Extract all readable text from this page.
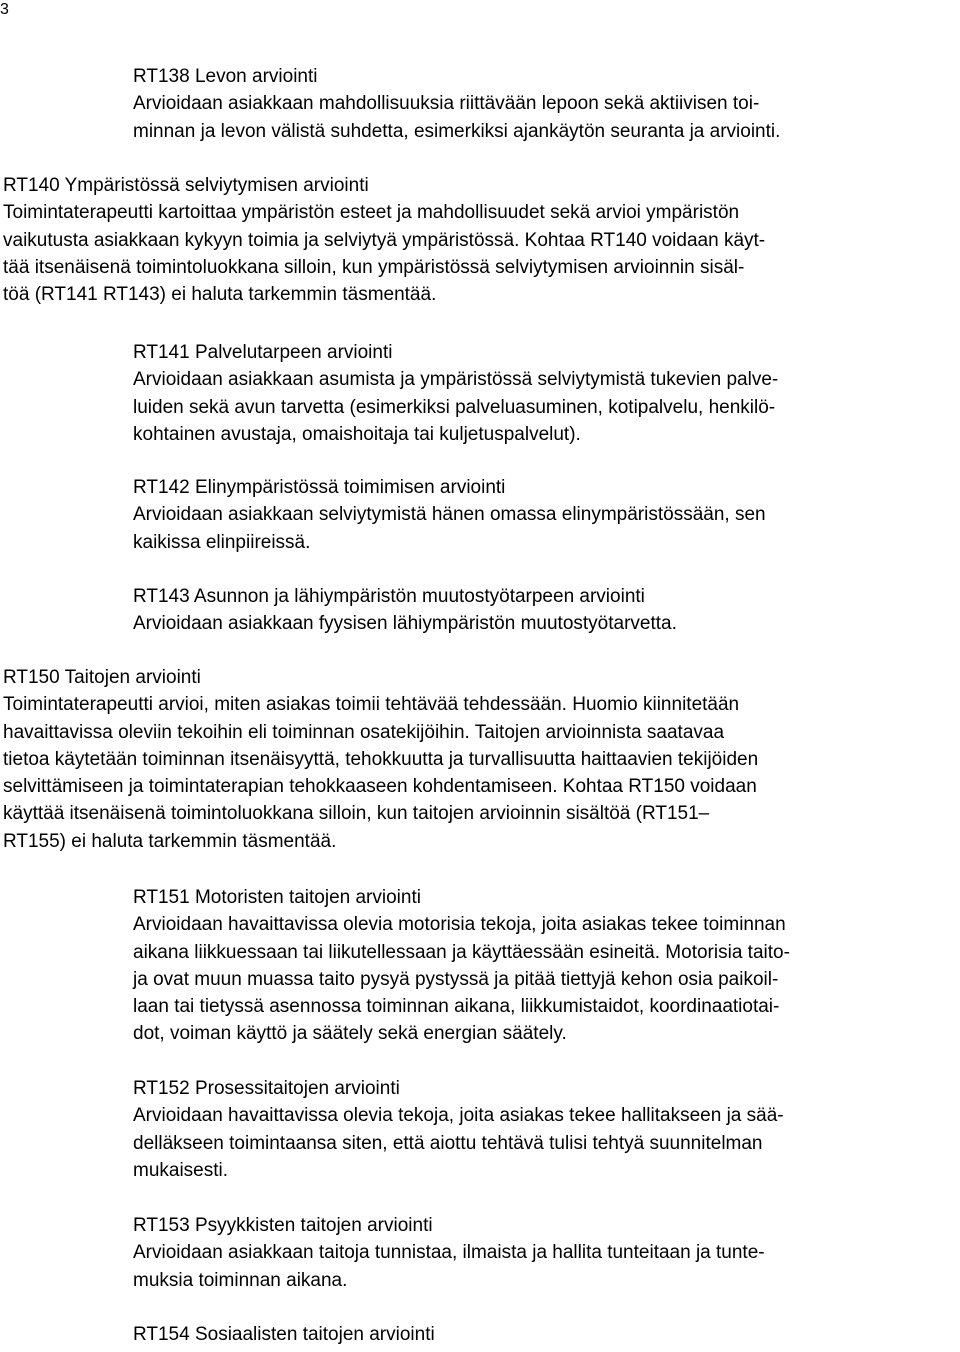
3
RT138 Levon arviointi
Arvioidaan asiakkaan mahdollisuuksia riittävään lepoon sekä aktiivisen toi-
minnan ja levon välistä suhdetta, esimerkiksi ajankäytön seuranta ja arviointi.
RT140 Ympäristössä selviytymisen arviointi
Toimintaterapeutti kartoittaa ympäristön esteet ja mahdollisuudet sekä arvioi ympäristön
vaikutusta asiakkaan kykyyn toimia ja selviytyä ympäristössä. Kohtaa RT140 voidaan käyt-
tää itsenäisenä toimintoluokkana silloin, kun ympäristössä selviytymisen arvioinnin sisäl-
töä (RT141 RT143) ei haluta tarkemmin täsmentää.
RT141 Palvelutarpeen arviointi
Arvioidaan asiakkaan asumista ja ympäristössä selviytymistä tukevien palve-
luiden sekä avun tarvetta (esimerkiksi palveluasuminen, kotipalvelu, henkilö-
kohtainen avustaja, omaishoitaja tai kuljetuspalvelut).
RT142 Elinympäristössä toimimisen arviointi
Arvioidaan asiakkaan selviytymistä hänen omassa elinympäristössään, sen
kaikissa elinpiireissä.
RT143 Asunnon ja lähiympäristön muutostyötarpeen arviointi
Arvioidaan asiakkaan fyysisen lähiympäristön muutostyötarvetta.
RT150 Taitojen arviointi
Toimintaterapeutti arvioi, miten asiakas toimii tehtävää tehdessään. Huomio kiinnitetään
havaittavissa oleviin tekoihin eli toiminnan osatekijöihin. Taitojen arvioinnista saatavaa
tietoa käytetään toiminnan itsenäisyyttä, tehokkuutta ja turvallisuutta haittaavien tekijöiden
selvittämiseen ja toimintaterapian tehokkaaseen kohdentamiseen. Kohtaa RT150 voidaan
käyttää itsenäisenä toimintoluokkana silloin, kun taitojen arvioinnin sisältöä (RT151–
RT155) ei haluta tarkemmin täsmentää.
RT151 Motoristen taitojen arviointi
Arvioidaan havaittavissa olevia motorisia tekoja, joita asiakas tekee toiminnan
aikana liikkuessaan tai liikutellessaan ja käyttäessään esineitä. Motorisia taito-
ja ovat muun muassa taito pysyä pystyssä ja pitää tiettyjä kehon osia paikoil-
laan tai tietyssä asennossa toiminnan aikana, liikkumistaidot, koordinaatiotai-
dot, voiman käyttö ja säätely sekä energian säätely.
RT152 Prosessitaitojen arviointi
Arvioidaan havaittavissa olevia tekoja, joita asiakas tekee hallitakseen ja sää-
delläkseen toimintaansa siten, että aiottu tehtävä tulisi tehtyä suunnitelman
mukaisesti.
RT153 Psyykkisten taitojen arviointi
Arvioidaan asiakkaan taitoja tunnistaa, ilmaista ja hallita tunteitaan ja tunte-
muksia toiminnan aikana.
RT154 Sosiaalisten taitojen arviointi
